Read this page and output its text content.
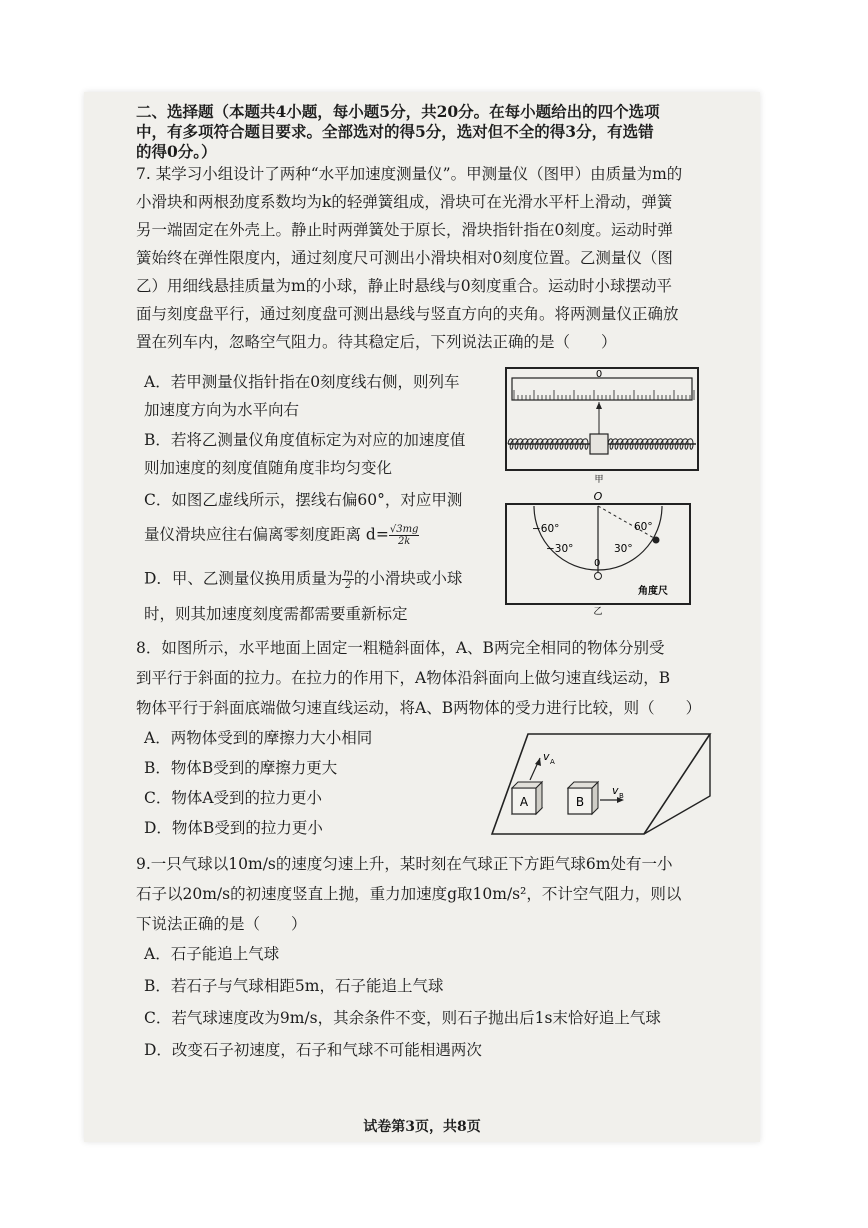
二、选择题（本题共4小题，每小题5分，共20分。在每小题给出的四个选项
中，有多项符合题目要求。全部选对的得5分，选对但不全的得3分，有选错
的得0分。）
7. 某学习小组设计了两种“水平加速度测量仪”。甲测量仪（图甲）由质量为m的
小滑块和两根劲度系数均为k的轻弹簧组成，滑块可在光滑水平杆上滑动，弹簧
另一端固定在外壳上。静止时两弹簧处于原长，滑块指针指在0刻度。运动时弹
簧始终在弹性限度内，通过刻度尺可测出小滑块相对0刻度位置。乙测量仪（图
乙）用细线悬挂质量为m的小球，静止时悬线与0刻度重合。运动时小球摆动平
面与刻度盘平行，通过刻度盘可测出悬线与竖直方向的夹角。将两测量仪正确放
置在列车内，忽略空气阻力。待其稳定后，下列说法正确的是（　　）
A．若甲测量仪指针指在0刻度线右侧，则列车
加速度方向为水平向右
B．若将乙测量仪角度值标定为对应的加速度值
则加速度的刻度值随角度非均匀变化
C．如图乙虚线所示，摆线右偏60°，对应甲测
量仪滑块应往右偏离零刻度距离 $d= \frac{√3mg}{2k}$
D．甲、乙测量仪换用质量为 $\frac{m}{2}$ 的小滑块或小球
时，则其加速度刻度需都需要重新标定
0
甲
O
−60°
−30°
60°
30°
0
角度尺
乙
8．如图所示，水平地面上固定一粗糙斜面体，A、B两完全相同的物体分别受
到平行于斜面的拉力。在拉力的作用下，A物体沿斜面向上做匀速直线运动，B
物体平行于斜面底端做匀速直线运动，将A、B两物体的受力进行比较，则（　　）
A．两物体受到的摩擦力大小相同
B．物体B受到的摩擦力更大
C．物体A受到的拉力更小
D．物体B受到的拉力更小
A
v A
B
v B
9.一只气球以10m/s的速度匀速上升，某时刻在气球正下方距气球6m处有一小
石子以20m/s的初速度竖直上抛，重力加速度g取10m/s²，不计空气阻力，则以
下说法正确的是（　　）
A．石子能追上气球
B．若石子与气球相距5m，石子能追上气球
C．若气球速度改为9m/s，其余条件不变，则石子抛出后1s末恰好追上气球
D．改变石子初速度，石子和气球不可能相遇两次
试卷第3页，共8页
